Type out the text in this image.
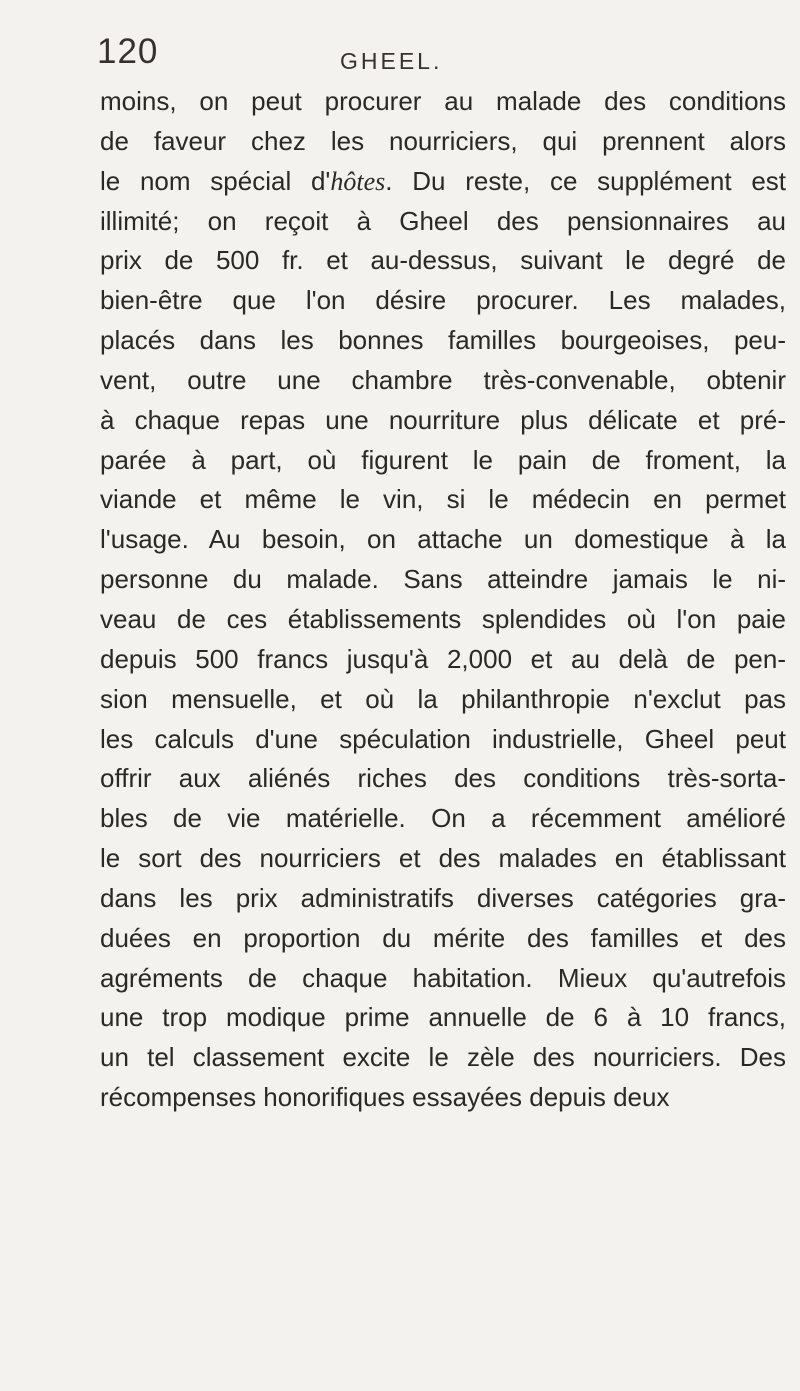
120	GHEEL.
moins, on peut procurer au malade des conditions
de faveur chez les nourriciers, qui prennent alors
le nom spécial d'hôtes. Du reste, ce supplément est
illimité; on reçoit à Gheel des pensionnaires au
prix de 500 fr. et au-dessus, suivant le degré de
bien-être que l'on désire procurer. Les malades,
placés dans les bonnes familles bourgeoises, peu-
vent, outre une chambre très-convenable, obtenir
à chaque repas une nourriture plus délicate et pré-
parée à part, où figurent le pain de froment, la
viande et même le vin, si le médecin en permet
l'usage. Au besoin, on attache un domestique à la
personne du malade. Sans atteindre jamais le ni-
veau de ces établissements splendides où l'on paie
depuis 500 francs jusqu'à 2,000 et au delà de pen-
sion mensuelle, et où la philanthropie n'exclut pas
les calculs d'une spéculation industrielle, Gheel peut
offrir aux aliénés riches des conditions très-sorta-
bles de vie matérielle. On a récemment amélioré
le sort des nourriciers et des malades en établissant
dans les prix administratifs diverses catégories gra-
duées en proportion du mérite des familles et des
agréments de chaque habitation. Mieux qu'autrefois
une trop modique prime annuelle de 6 à 10 francs,
un tel classement excite le zèle des nourriciers. Des
récompenses honorifiques essayées depuis deux
